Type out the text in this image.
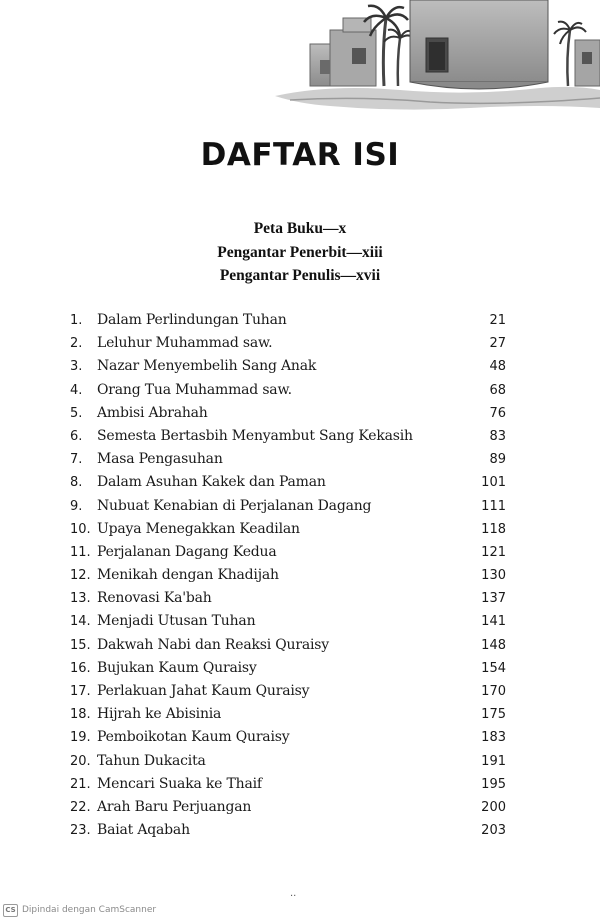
DAFTAR ISI
Peta Buku—x
Pengantar Penerbit—xiii
Pengantar Penulis—xvii
1.	Dalam Perlindungan Tuhan	21
2.	Leluhur Muhammad saw.	27
3.	Nazar Menyembelih Sang Anak	48
4.	Orang Tua Muhammad saw.	68
5.	Ambisi Abrahah	76
6.	Semesta Bertasbih Menyambut Sang Kekasih	83
7.	Masa Pengasuhan	89
8.	Dalam Asuhan Kakek dan Paman	101
9.	Nubuat Kenabian di Perjalanan Dagang	111
10. Upaya Menegakkan Keadilan	118
11. Perjalanan Dagang Kedua	121
12. Menikah dengan Khadijah	130
13. Renovasi Ka'bah	137
14. Menjadi Utusan Tuhan	141
15. Dakwah Nabi dan Reaksi Quraisy	148
16. Bujukan Kaum Quraisy	154
17. Perlakuan Jahat Kaum Quraisy	170
18. Hijrah ke Abisinia	175
19. Pemboikotan Kaum Quraisy	183
20. Tahun Dukacita	191
21. Mencari Suaka ke Thaif	195
22. Arah Baru Perjuangan	200
23. Baiat Aqabah	203
..
CS Dipindai dengan CamScanner
